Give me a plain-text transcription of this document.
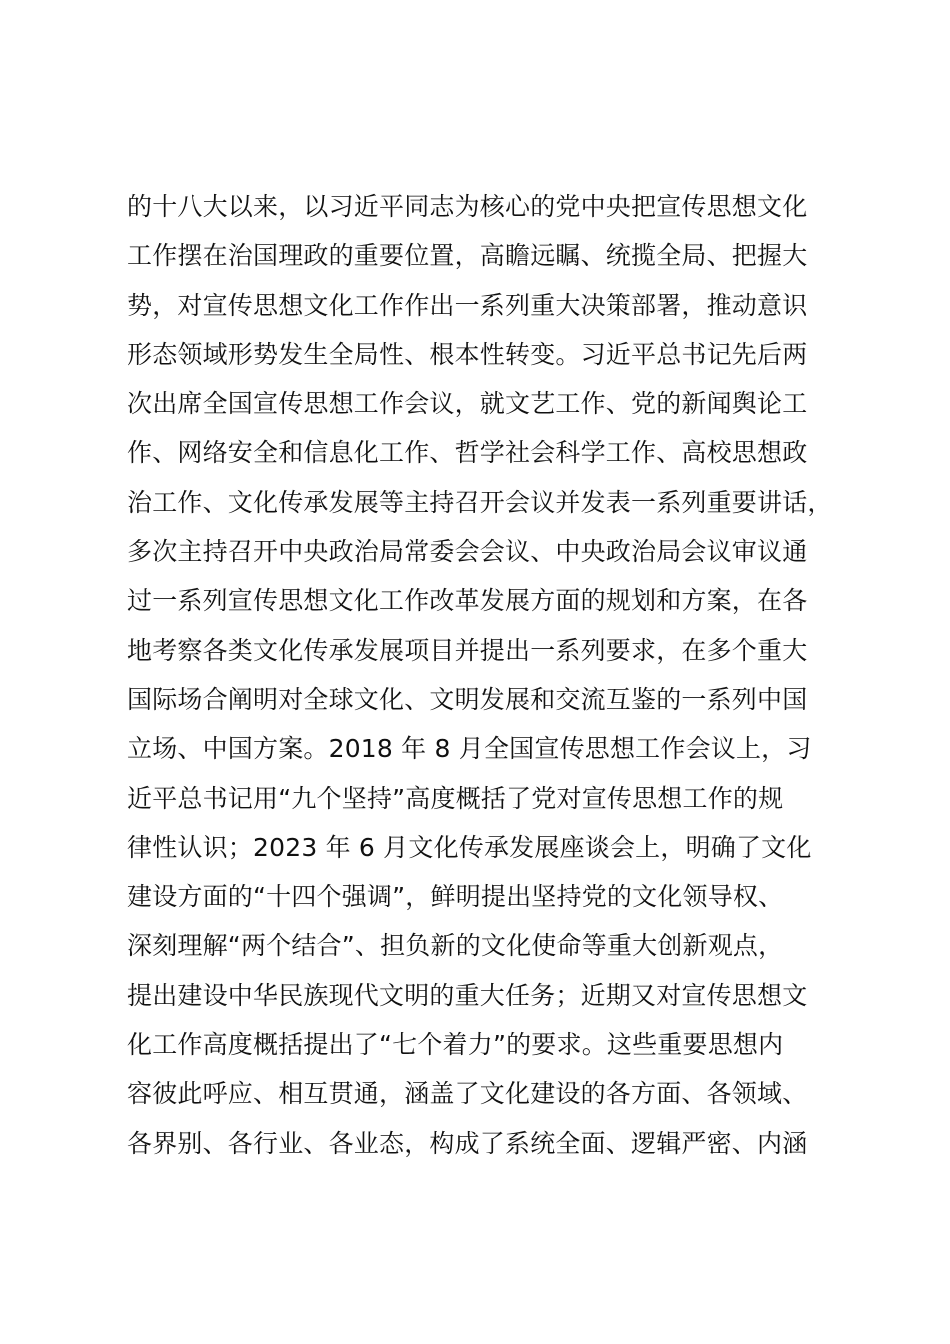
的十八大以来，以习近平同志为核心的党中央把宣传思想文化
工作摆在治国理政的重要位置，高瞻远瞩、统揽全局、把握大
势，对宣传思想文化工作作出一系列重大决策部署，推动意识
形态领域形势发生全局性、根本性转变。习近平总书记先后两
次出席全国宣传思想工作会议，就文艺工作、党的新闻舆论工
作、网络安全和信息化工作、哲学社会科学工作、高校思想政
治工作、文化传承发展等主持召开会议并发表一系列重要讲话，
多次主持召开中央政治局常委会会议、中央政治局会议审议通
过一系列宣传思想文化工作改革发展方面的规划和方案，在各
地考察各类文化传承发展项目并提出一系列要求，在多个重大
国际场合阐明对全球文化、文明发展和交流互鉴的一系列中国
立场、中国方案。2018 年 8 月全国宣传思想工作会议上，习
近平总书记用“九个坚持”高度概括了党对宣传思想工作的规
律性认识；2023 年 6 月文化传承发展座谈会上，明确了文化
建设方面的“十四个强调”，鲜明提出坚持党的文化领导权、
深刻理解“两个结合”、担负新的文化使命等重大创新观点，
提出建设中华民族现代文明的重大任务；近期又对宣传思想文
化工作高度概括提出了“七个着力”的要求。这些重要思想内
容彼此呼应、相互贯通，涵盖了文化建设的各方面、各领域、
各界别、各行业、各业态，构成了系统全面、逻辑严密、内涵
